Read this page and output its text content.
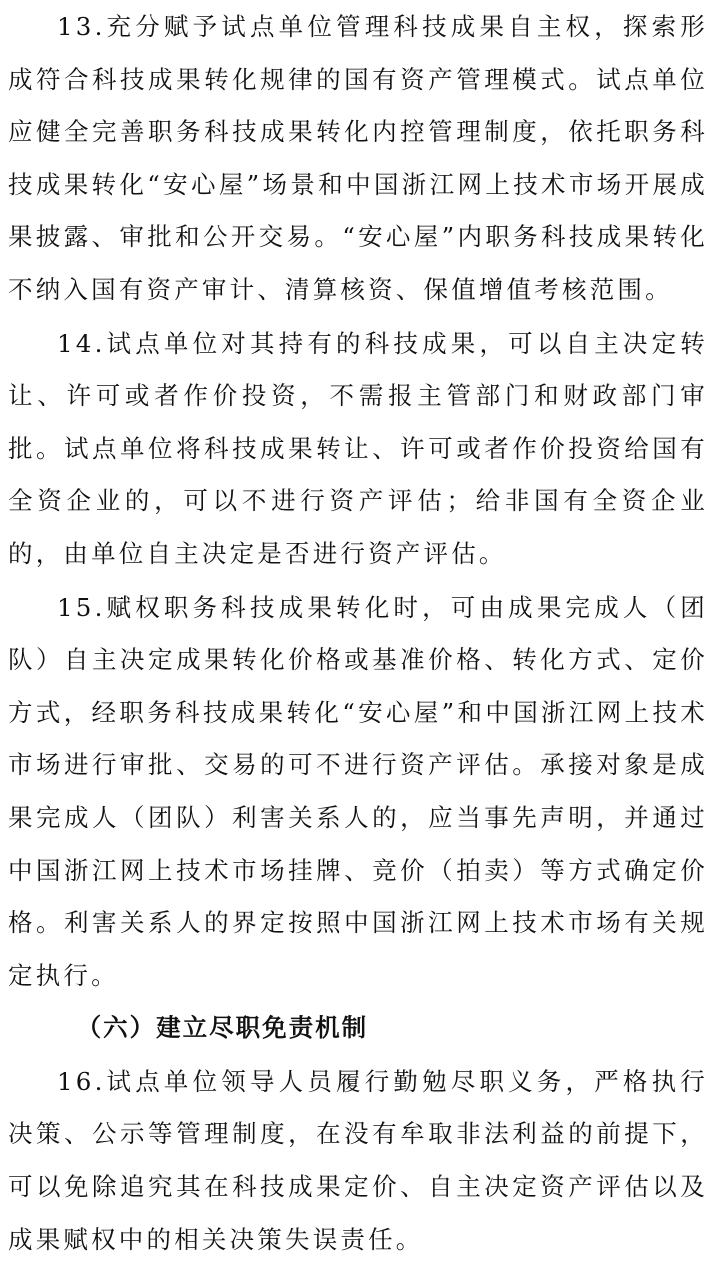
13.充分赋予试点单位管理科技成果自主权，探索形成符合科技成果转化规律的国有资产管理模式。试点单位应健全完善职务科技成果转化内控管理制度，依托职务科技成果转化“安心屋”场景和中国浙江网上技术市场开展成果披露、审批和公开交易。“安心屋”内职务科技成果转化不纳入国有资产审计、清算核资、保值增值考核范围。

14.试点单位对其持有的科技成果，可以自主决定转让、许可或者作价投资，不需报主管部门和财政部门审批。试点单位将科技成果转让、许可或者作价投资给国有全资企业的，可以不进行资产评估；给非国有全资企业的，由单位自主决定是否进行资产评估。

15.赋权职务科技成果转化时，可由成果完成人（团队）自主决定成果转化价格或基准价格、转化方式、定价方式，经职务科技成果转化“安心屋”和中国浙江网上技术市场进行审批、交易的可不进行资产评估。承接对象是成果完成人（团队）利害关系人的，应当事先声明，并通过中国浙江网上技术市场挂牌、竞价（拍卖）等方式确定价格。利害关系人的界定按照中国浙江网上技术市场有关规定执行。

（六）建立尽职免责机制

16.试点单位领导人员履行勤勉尽职义务，严格执行决策、公示等管理制度，在没有牟取非法利益的前提下，可以免除追究其在科技成果定价、自主决定资产评估以及成果赋权中的相关决策失误责任。
